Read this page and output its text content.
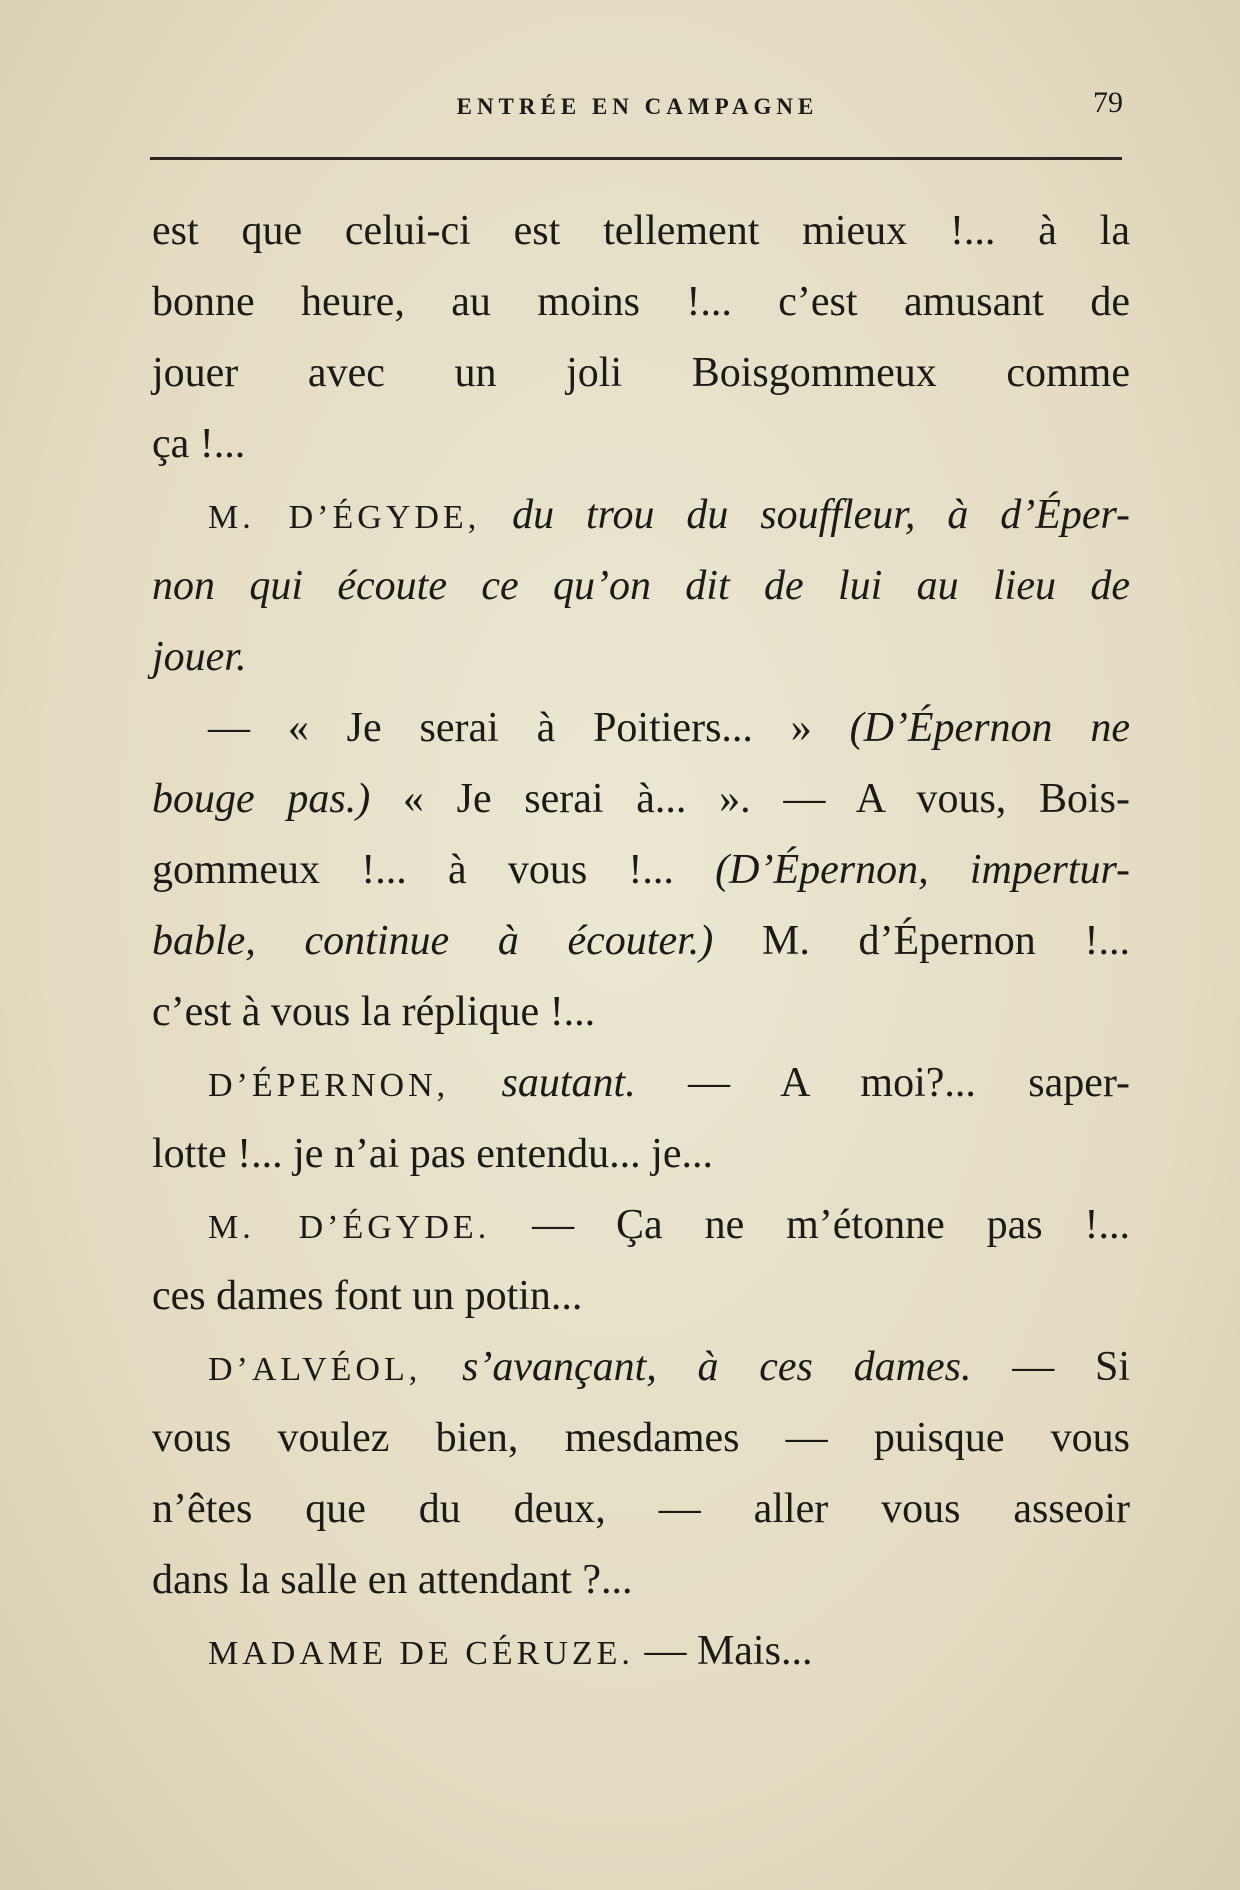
ENTRÉE EN CAMPAGNE	79
est que celui-ci est tellement mieux !... à la
bonne heure, au moins !... c’est amusant de
jouer avec un joli Boisgommeux comme
ça !...
M. D’ÉGYDE, du trou du souffleur, à d’Éper-
non qui écoute ce qu’on dit de lui au lieu de
jouer.
— « Je serai à Poitiers... » (D’Épernon ne
bouge pas.) « Je serai à... ». — A vous, Bois-
gommeux !... à vous !... (D’Épernon, impertur-
bable, continue à écouter.) M. d’Épernon !...
c’est à vous la réplique !...
D’ÉPERNON, sautant. — A moi?... saper-
lotte !... je n’ai pas entendu... je...
M. D’ÉGYDE. — Ça ne m’étonne pas !...
ces dames font un potin...
D’ALVÉOL, s’avançant, à ces dames. — Si
vous voulez bien, mesdames — puisque vous
n’êtes que du deux, — aller vous asseoir
dans la salle en attendant ?...
MADAME DE CÉRUZE. — Mais...
